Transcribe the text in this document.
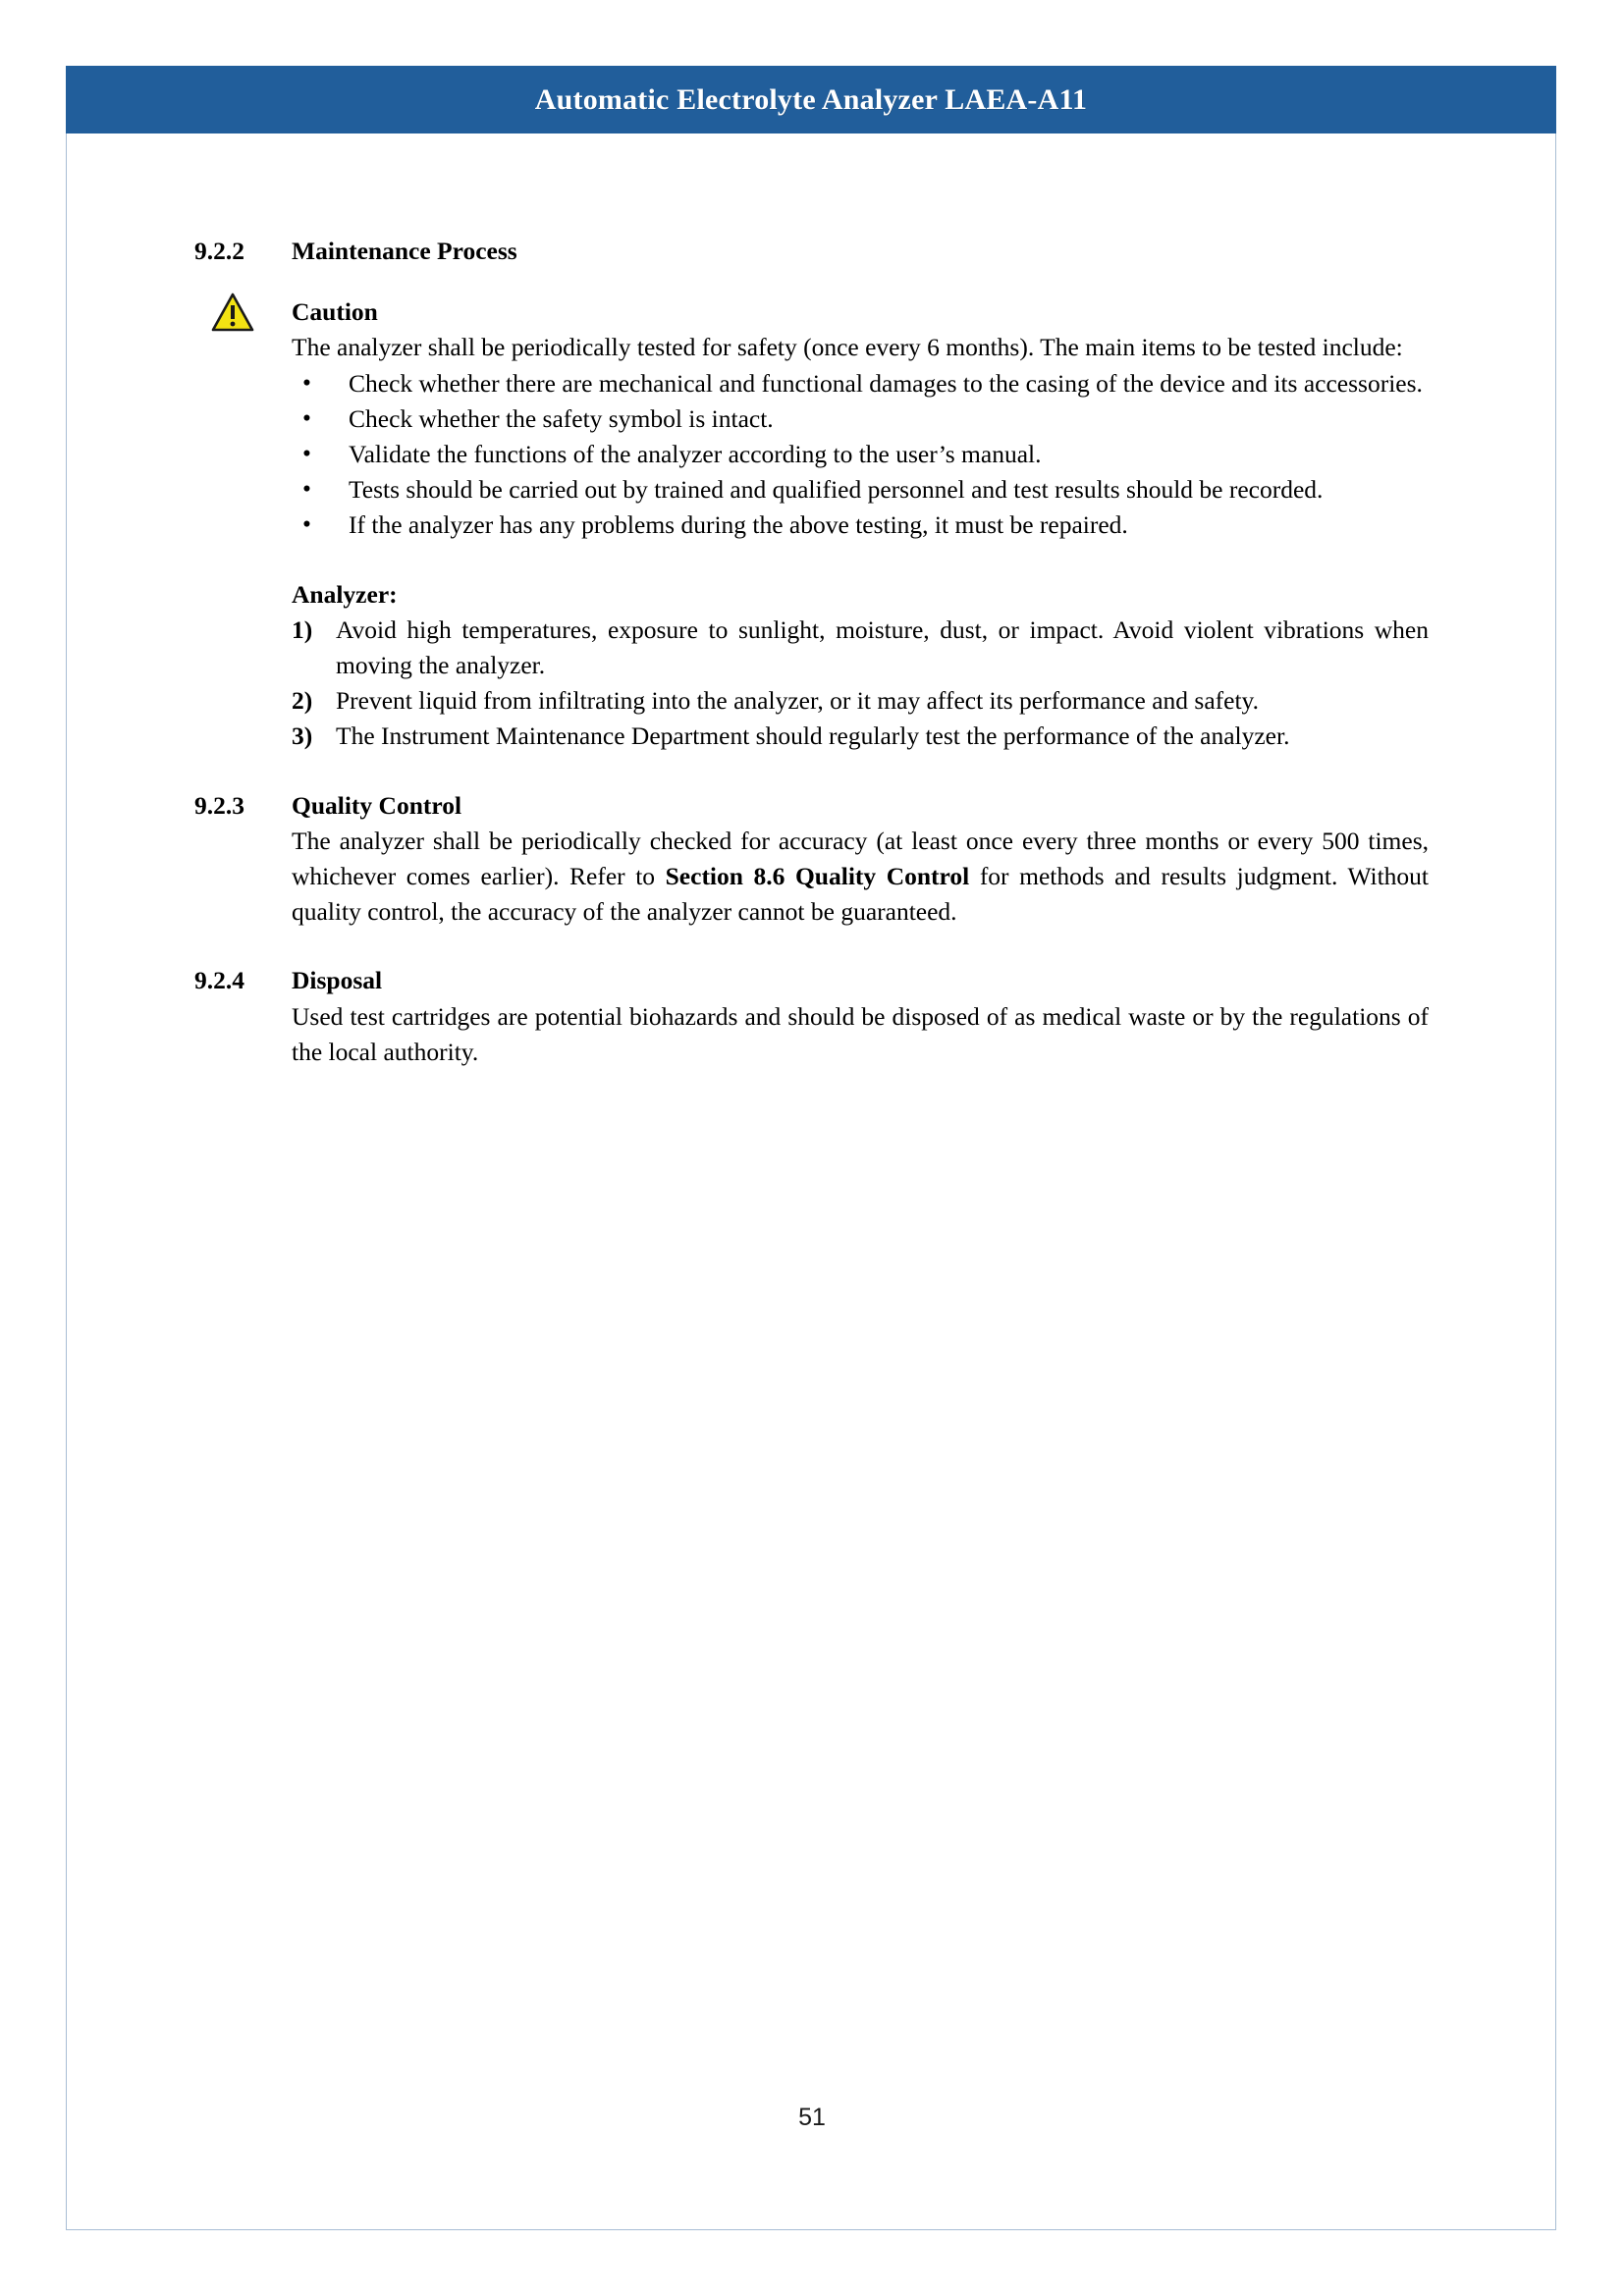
Automatic Electrolyte Analyzer LAEA-A11
9.2.2	Maintenance Process
Caution

The analyzer shall be periodically tested for safety (once every 6 months). The main items to be tested include:

• Check whether there are mechanical and functional damages to the casing of the device and its accessories.
• Check whether the safety symbol is intact.
• Validate the functions of the analyzer according to the user’s manual.
• Tests should be carried out by trained and qualified personnel and test results should be recorded.
• If the analyzer has any problems during the above testing, it must be repaired.

Analyzer:

1) Avoid high temperatures, exposure to sunlight, moisture, dust, or impact. Avoid violent vibrations when moving the analyzer.
2) Prevent liquid from infiltrating into the analyzer, or it may affect its performance and safety.
3) The Instrument Maintenance Department should regularly test the performance of the analyzer.
9.2.3	Quality Control

The analyzer shall be periodically checked for accuracy (at least once every three months or every 500 times, whichever comes earlier). Refer to Section 8.6 Quality Control for methods and results judgment. Without quality control, the accuracy of the analyzer cannot be guaranteed.

9.2.4	Disposal

Used test cartridges are potential biohazards and should be disposed of as medical waste or by the regulations of the local authority.

51
